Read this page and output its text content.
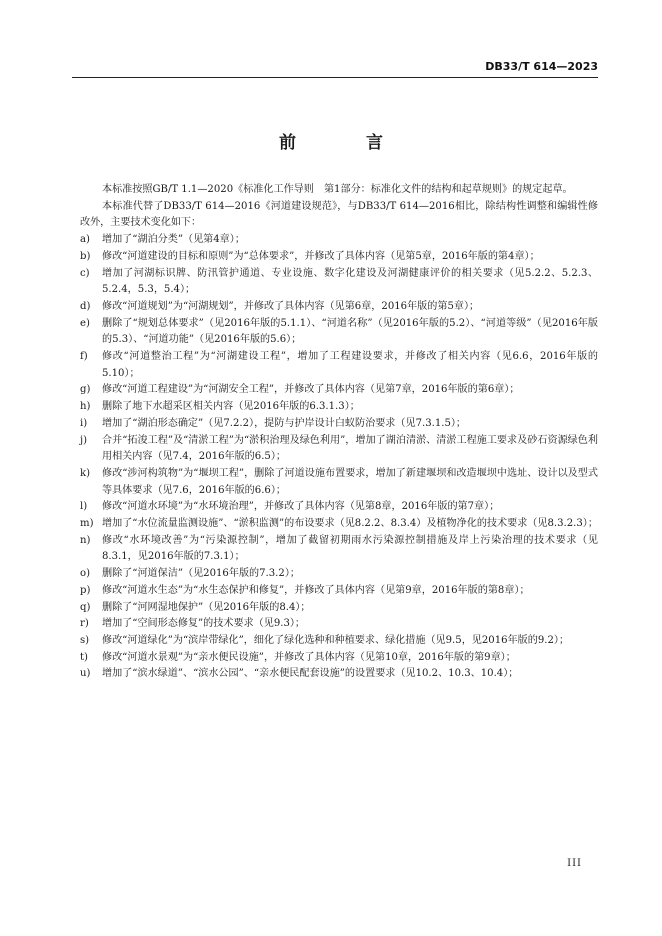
DB33/T 614—2023
前 言

本标准按照GB/T 1.1—2020《标准化工作导则　第1部分：标准化文件的结构和起草规则》的规定起草。

本标准代替了DB33/T 614—2016《河道建设规范》，与DB33/T 614—2016相比，除结构性调整和编辑性修改外，主要技术变化如下：

a)	增加了“湖泊分类”（见第4章）；
b)	修改“河道建设的目标和原则”为“总体要求”，并修改了具体内容（见第5章，2016年版的第4章）；
c)	增加了河湖标识牌、防汛管护通道、专业设施、数字化建设及河湖健康评价的相关要求（见5.2.2、5.2.3、5.2.4，5.3，5.4）；
d)	修改“河道规划”为“河湖规划”，并修改了具体内容（见第6章，2016年版的第5章）；
e)	删除了“规划总体要求”（见2016年版的5.1.1）、“河道名称”（见2016年版的5.2）、“河道等级”（见2016年版的5.3）、“河道功能”（见2016年版的5.6）；
f)	修改“河道整治工程”为“河湖建设工程”，增加了工程建设要求，并修改了相关内容（见6.6，2016年版的5.10）；
g)	修改“河道工程建设”为“河湖安全工程”，并修改了具体内容（见第7章，2016年版的第6章）；
h)	删除了地下水超采区相关内容（见2016年版的6.3.1.3）；
i)	增加了“湖泊形态确定”（见7.2.2），提防与护岸设计白蚁防治要求（见7.3.1.5）；
j)	合并“拓浚工程”及“清淤工程”为“淤积治理及绿色利用”，增加了湖泊清淤、清淤工程施工要求及砂石资源绿色利用相关内容（见7.4，2016年版的6.5）；
k)	修改“涉河构筑物”为“堰坝工程”，删除了河道设施布置要求，增加了新建堰坝和改造堰坝中选址、设计以及型式等具体要求（见7.6，2016年版的6.6）；
l)	修改“河道水环境”为“水环境治理”，并修改了具体内容（见第8章，2016年版的第7章）；
m) 增加了“水位流量监测设施”、“淤积监测”的布设要求（见8.2.2、8.3.4）及植物净化的技术要求（见8.3.2.3）；
n)	修改“水环境改善”为“污染源控制”，增加了截留初期雨水污染源控制措施及岸上污染治理的技术要求（见8.3.1，见2016年版的7.3.1）；
o)	删除了“河道保洁”（见2016年版的7.3.2）；
p)	修改“河道水生态”为“水生态保护和修复”，并修改了具体内容（见第9章，2016年版的第8章）；
q)	删除了“河网湿地保护”（见2016年版的8.4）；
r)	增加了“空间形态修复”的技术要求（见9.3）；
s)	修改“河道绿化”为“滨岸带绿化”，细化了绿化选种和种植要求、绿化措施（见9.5，见2016年版的9.2）；
t)	修改“河道水景观”为“亲水便民设施”，并修改了具体内容（见第10章，2016年版的第9章）；
u)	增加了“滨水绿道”、“滨水公园”、“亲水便民配套设施”的设置要求（见10.2、10.3、10.4）；
III
